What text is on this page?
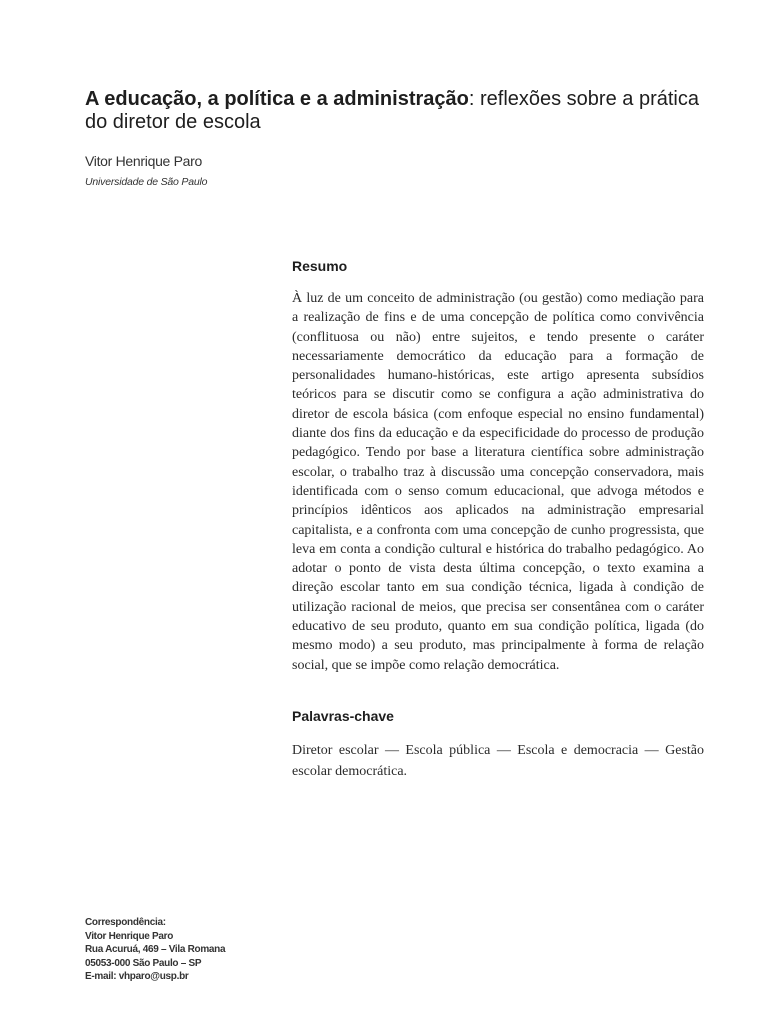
A educação, a política e a administração: reflexões sobre a prática do diretor de escola
Vitor Henrique Paro
Universidade de São Paulo
Resumo

À luz de um conceito de administração (ou gestão) como mediação para a realização de fins e de uma concepção de política como convivência (conflituosa ou não) entre sujeitos, e tendo presente o caráter necessariamente democrático da educação para a formação de personalidades humano-históricas, este artigo apresenta subsídios teóricos para se discutir como se configura a ação administrativa do diretor de escola básica (com enfoque especial no ensino fundamental) diante dos fins da educação e da especificidade do processo de produção pedagógico. Tendo por base a literatura científica sobre administração escolar, o trabalho traz à discussão uma concepção conservadora, mais identificada com o senso comum educacional, que advoga métodos e princípios idênticos aos aplicados na administração empresarial capitalista, e a confronta com uma concepção de cunho progressista, que leva em conta a condição cultural e histórica do trabalho pedagógico. Ao adotar o ponto de vista desta última concepção, o texto examina a direção escolar tanto em sua condição técnica, ligada à condição de utilização racional de meios, que precisa ser consentânea com o caráter educativo de seu produto, quanto em sua condição política, ligada (do mesmo modo) a seu produto, mas principalmente à forma de relação social, que se impõe como relação democrática.

Palavras-chave

Diretor escolar — Escola pública — Escola e democracia — Gestão escolar democrática.

Correspondência:
Vitor Henrique Paro
Rua Acuruá, 469 – Vila Romana
05053-000 São Paulo – SP
E-mail: vhparo@usp.br
